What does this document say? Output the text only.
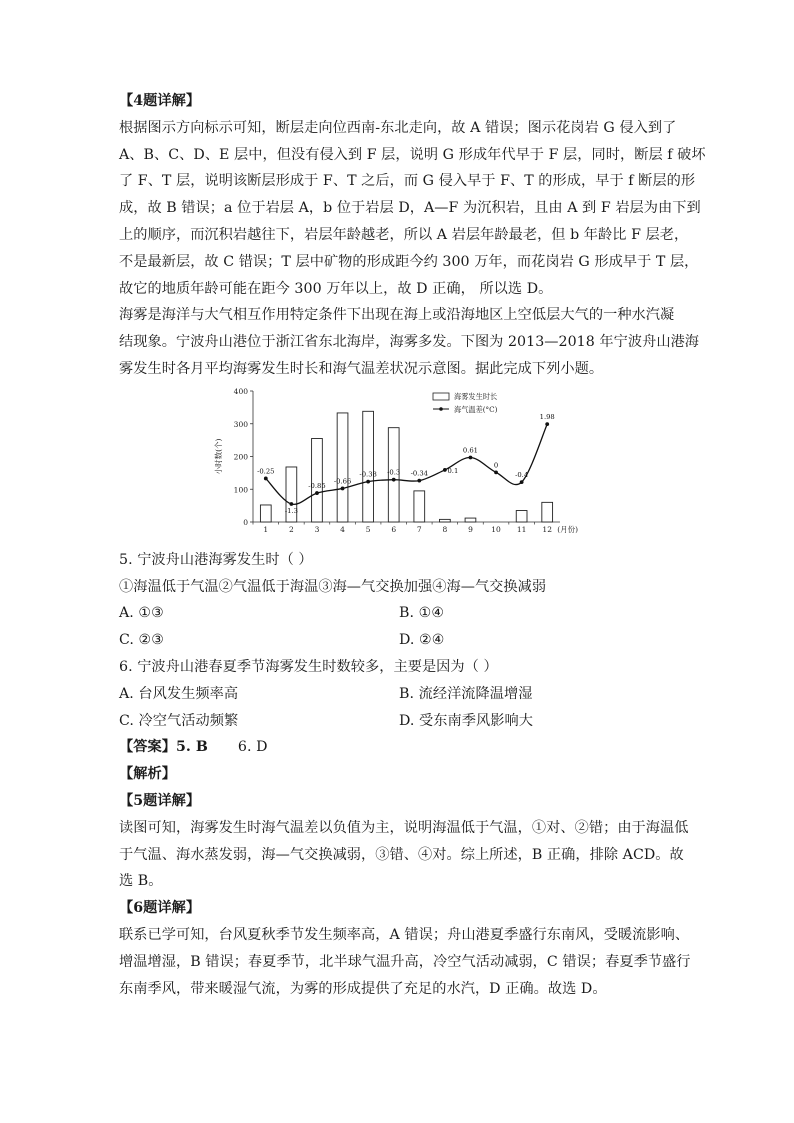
【4题详解】
根据图示方向标示可知，断层走向位西南-东北走向，故 A 错误；图示花岗岩 G 侵入到了
A、B、C、D、E 层中，但没有侵入到 F 层，说明 G 形成年代早于 F 层，同时，断层 f 破坏
了 F、T 层，说明该断层形成于 F、T 之后，而 G 侵入早于 F、T 的形成，早于 f 断层的形
成，故 B 错误；a 位于岩层 A，b 位于岩层 D，A—F 为沉积岩，且由 A 到 F 岩层为由下到
上的顺序，而沉积岩越往下，岩层年龄越老，所以 A 岩层年龄最老，但 b 年龄比 F 层老，
不是最新层，故 C 错误；T 层中矿物的形成距今约 300 万年，而花岗岩 G 形成早于 T 层，
故它的地质年龄可能在距今 300 万年以上，故 D 正确， 所以选 D。
海雾是海洋与大气相互作用特定条件下出现在海上或沿海地区上空低层大气的一种水汽凝
结现象。宁波舟山港位于浙江省东北海岸，海雾多发。下图为 2013—2018 年宁波舟山港海
雾发生时各月平均海雾发生时长和海气温差状况示意图。据此完成下列小题。
0
100
200
300
400
小时数(个)
1	2	3	4	5	6	7	8	9 10 11 12 (月份)
-0.25
-1.3
-0.85
-0.66
-0.38 -0.3 -0.34	0.1
0.61
0
-0.4
1.98
海雾发生时长
海气温差(°C)
5. 宁波舟山港海雾发生时（ ）
①海温低于气温②气温低于海温③海—气交换加强④海—气交换减弱
A. ①③	B. ①④
C. ②③	D. ②④
6. 宁波舟山港春夏季节海雾发生时数较多，主要是因为（ ）
A. 台风发生频率高	B. 流经洋流降温增湿
C. 冷空气活动频繁	D. 受东南季风影响大
【答案】5. B 6. D
【解析】
【5题详解】
读图可知，海雾发生时海气温差以负值为主，说明海温低于气温，①对、②错；由于海温低
于气温、海水蒸发弱，海—气交换减弱，③错、④对。综上所述，B 正确，排除 ACD。故
选 B。
【6题详解】
联系已学可知，台风夏秋季节发生频率高，A 错误；舟山港夏季盛行东南风，受暖流影响、
增温增湿，B 错误；春夏季节，北半球气温升高，冷空气活动减弱，C 错误；春夏季节盛行
东南季风，带来暖湿气流，为雾的形成提供了充足的水汽，D 正确。故选 D。
